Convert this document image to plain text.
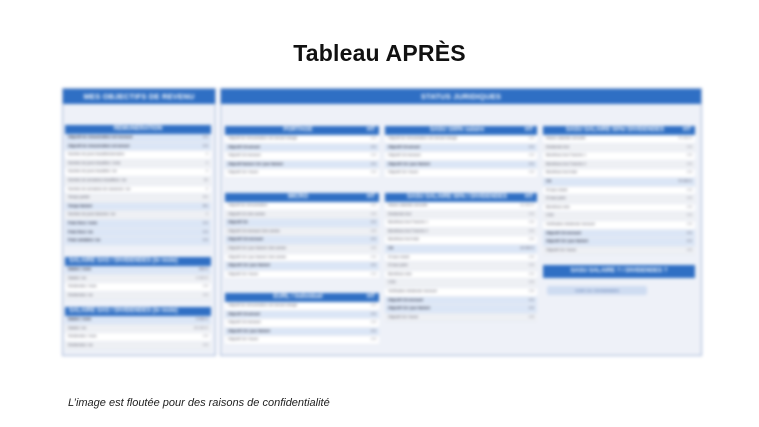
Tableau APRÈS
MES OBJECTIFS DE REVENU
RÉMUNÉRATION
Objectif de rémunération net mensuel	0 €
Objectif de rémunération net annuel	0 €
Nombre de jours travaillés/semaine	0
Nombre de jours travaillés / mois	0
Nombre de jours travaillés / an	0
Nombre de semaines travaillées / an	52
Nombre de semaines de vacances / an	0
Temps partiel	0%
Temps facturé	0%
Nombre de jours facturés / an	0
Frais fixes / mois	0 €
Frais fixes / an	0 €
Frais variables / an	0 €
SALAIRE SAS / DIVIDENDES (le reste)
Salaire / mois	000 €
Salaire / an	0 000 €
Dividendes / mois	0 €
Dividendes / an	0 €
SALAIRE SAS / DIVIDENDES (le reste)
Salaire / mois	0 000 €
Salaire / an	00 000 €
Dividendes / mois	0 €
Dividendes / an	0 €
STATUS JURIDIQUES
PORTAGE	HT
Objectif de rémunération net annuel chargé	0 €
Objectif CA annuel	0 €
Objectif CA mensuel	0 €
Objectif facturé CA / jour facturé	0 €
Objectif CA / heure	0 €
MICRO	HT
Objectif de rémunération	0 €
Objectif CA 1ère année	0 €
Objectif CA	0 €
Objectif CA mensuel 1ère année	0 €
Objectif CA mensuel	0 €
Objectif CA / jour facturé 1ère année	0 €
Objectif CA / jour facturé 1ère année	0 €
Objectif CA / jour facturé	0 €
Objectif CA / heure	0 €
EURL / Individuel	HT
Objectif de rémunération net annuel chargé	0 €
Objectif CA annuel	0 €
Objectif CA mensuel	0 €
Objectif CA / jour facturé	0 €
Objectif CA / heure	0 €
SASU 100% salaire	HT
Objectif de rémunération net annuel chargé	0 €
Objectif CA annuel	0 €
Objectif CA mensuel	0 €
Objectif CA / jour facturé	0 €
Objectif CA / heure	0 €
SASU SALAIRE 50% / DIVIDENDES	HT
Masse salariale annuelle	10 000 €
Dividende brut	0 €
Bénéfices brut Tranche 1	0 €
Bénéfices brut Tranche 2	0 €
Bénéfices brut total	0 €
CA	10 000 €
IS taux réduit	0 €
IS taux plein	0 €
Bénéfices nets	0 €
CSG	0 €
Vérification dividende mensuel	0 €
Objectif CA mensuel	0 €
Objectif CA / jour facturé	0 €
Objectif CA / heure	0 €
SASU SALAIRE 50%/ DIVIDENDES	HT
Masse salariale annuelle	70 000 €
Dividende brut	0 €
Bénéfices brut Tranche 1	0 €
Bénéfices brut Tranche 2	0 €
Bénéfices brut total	0 €
CA	70 000 €
IS taux réduit	0 €
IS taux plein	0 €
Bénéfices nets	0 €
CSG	0 €
Vérification dividende mensuel	0 €
Objectif CA mensuel	0 €
Objectif CA / jour facturé	0 €
Objectif CA / heure	0 €
SASU SALAIRE ? / DIVIDENDES ?
VOIR CA / DIVIDENDES
L’image est floutée pour des raisons de confidentialité
